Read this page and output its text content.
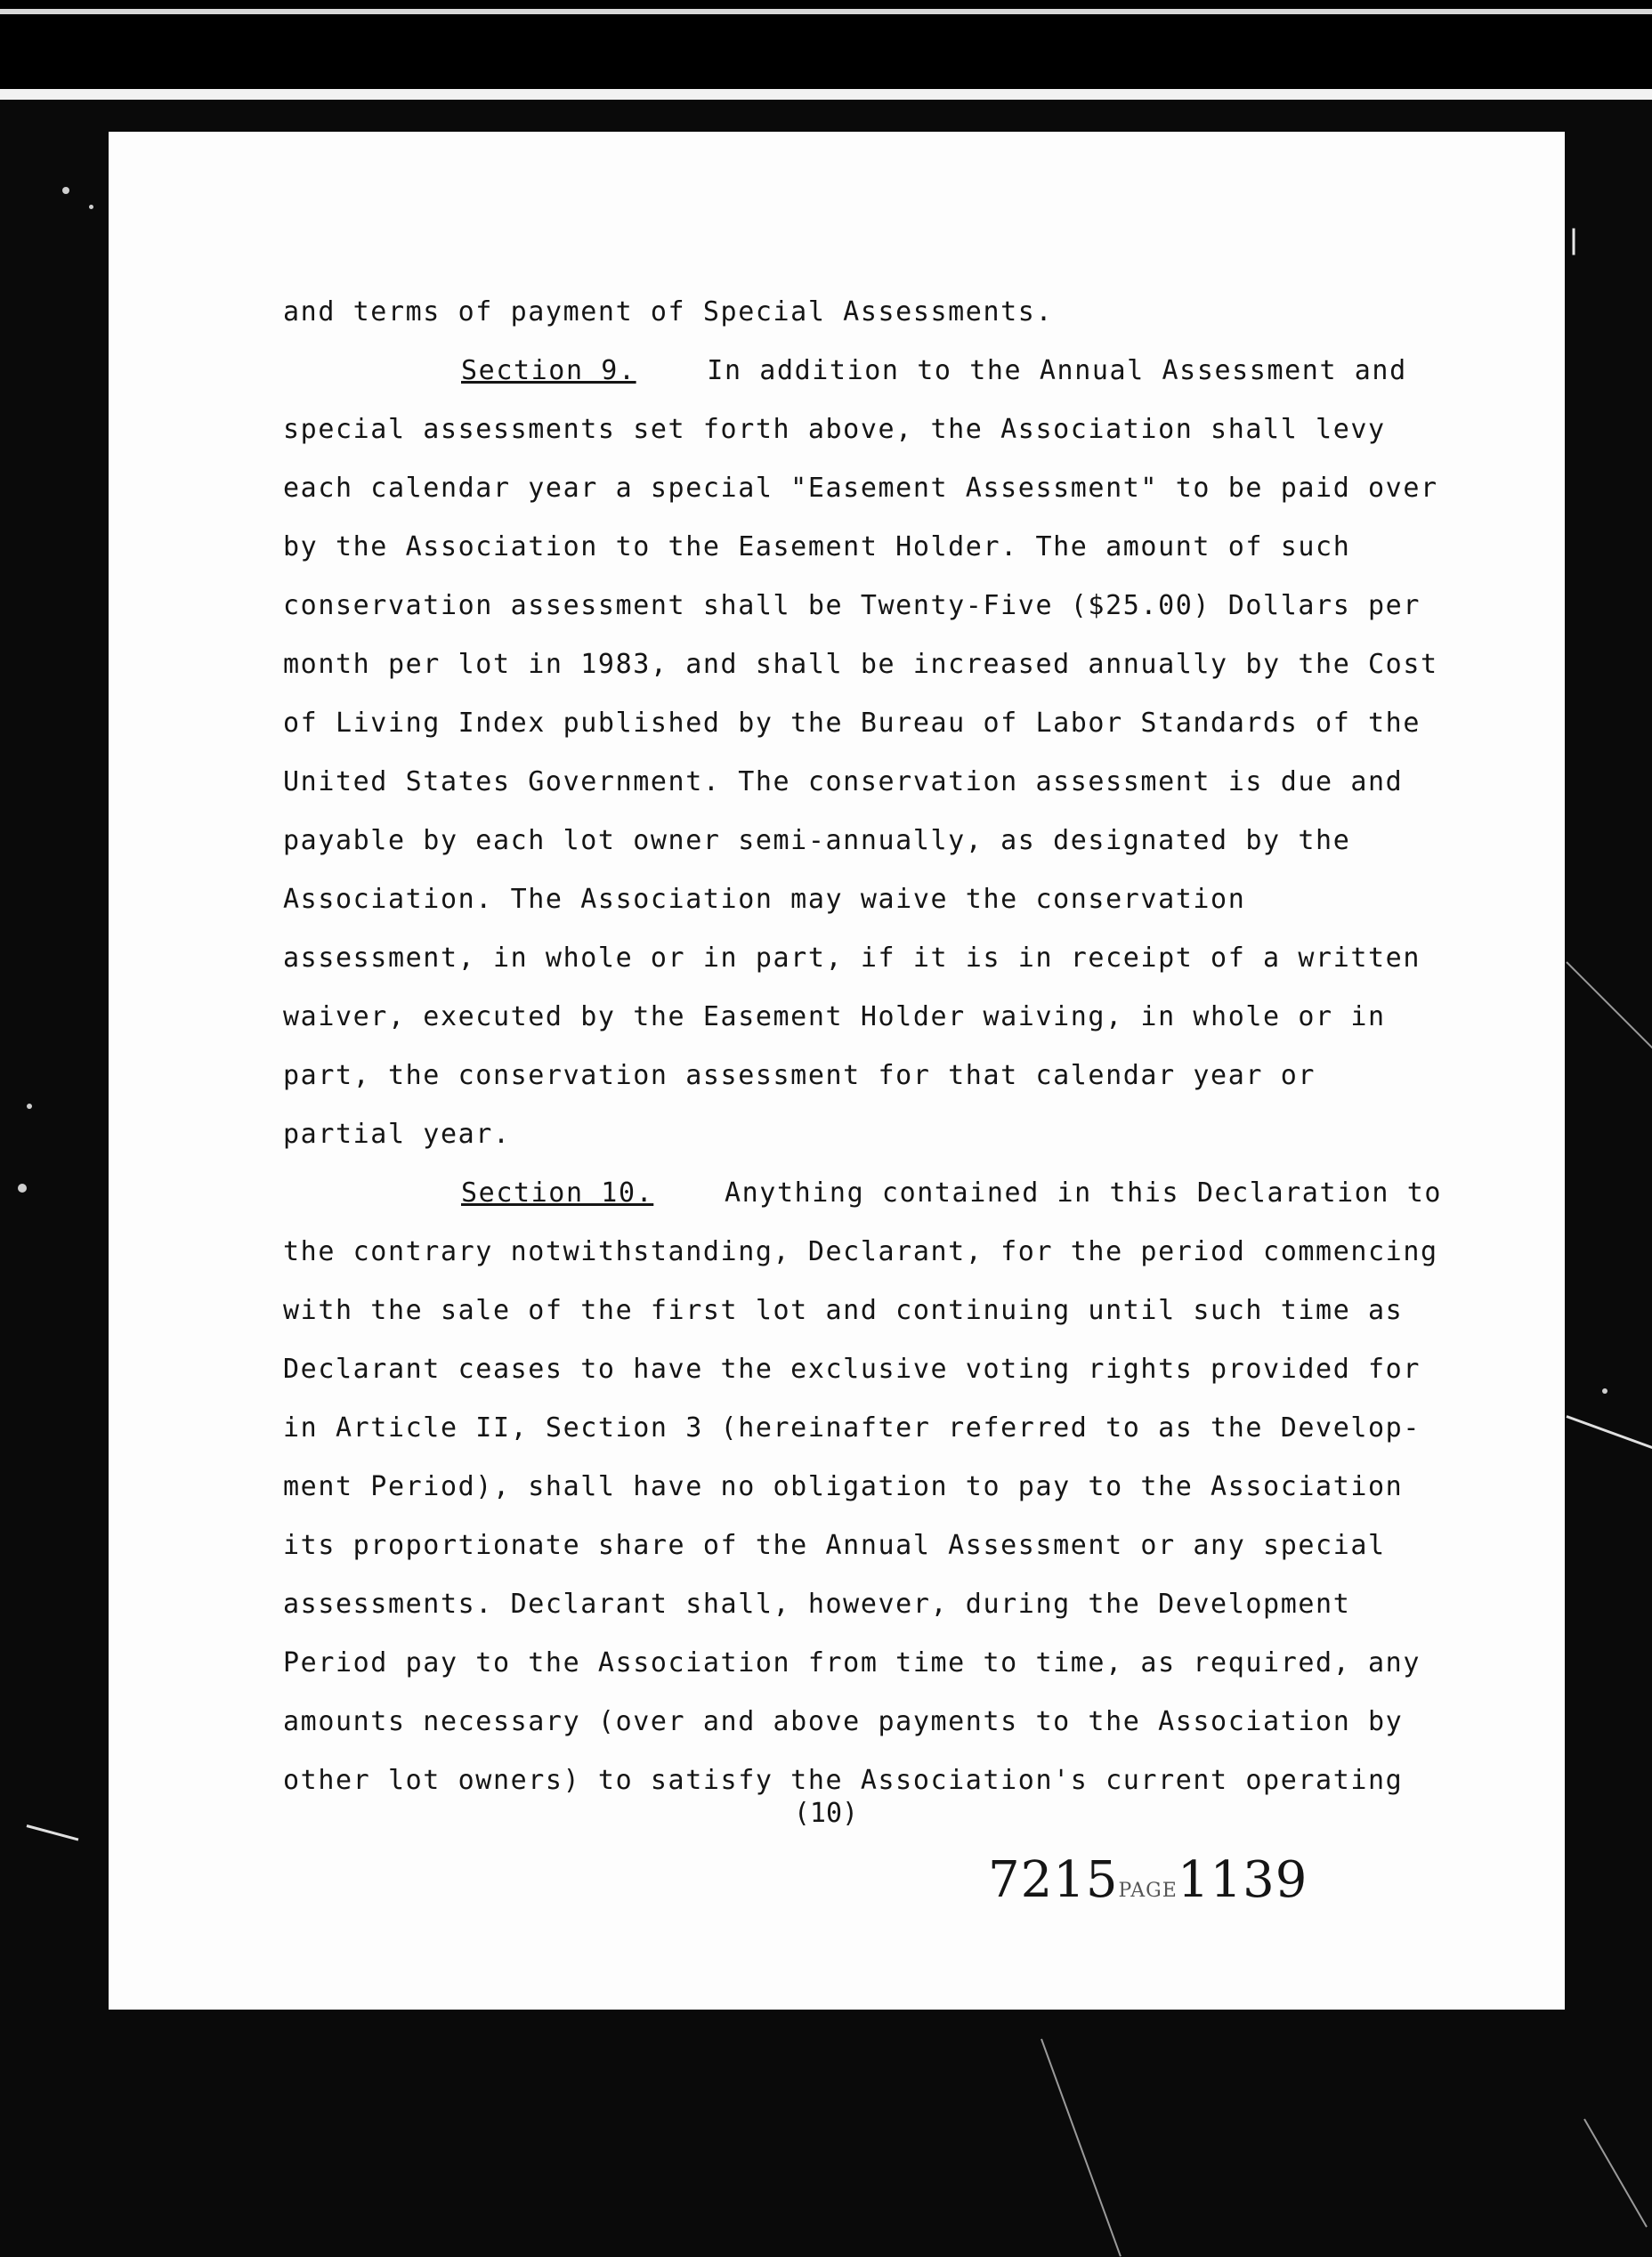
and terms of payment of Special Assessments.
Section 9.	In addition to the Annual Assessment and
special assessments set forth above, the Association shall levy
each calendar year a special "Easement Assessment" to be paid over
by the Association to the Easement Holder. The amount of such
conservation assessment shall be Twenty-Five ($25.00) Dollars per
month per lot in 1983, and shall be increased annually by the Cost
of Living Index published by the Bureau of Labor Standards of the
United States Government. The conservation assessment is due and
payable by each lot owner semi-annually, as designated by the
Association. The Association may waive the conservation
assessment, in whole or in part, if it is in receipt of a written
waiver, executed by the Easement Holder waiving, in whole or in
part, the conservation assessment for that calendar year or
partial year.
Section 10.	Anything contained in this Declaration to
the contrary notwithstanding, Declarant, for the period commencing
with the sale of the first lot and continuing until such time as
Declarant ceases to have the exclusive voting rights provided for
in Article II, Section 3 (hereinafter referred to as the Develop-
ment Period), shall have no obligation to pay to the Association
its proportionate share of the Annual Assessment or any special
assessments. Declarant shall, however, during the Development
Period pay to the Association from time to time, as required, any
amounts necessary (over and above payments to the Association by
other lot owners) to satisfy the Association's current operating
(10)
7215PAGE1139
